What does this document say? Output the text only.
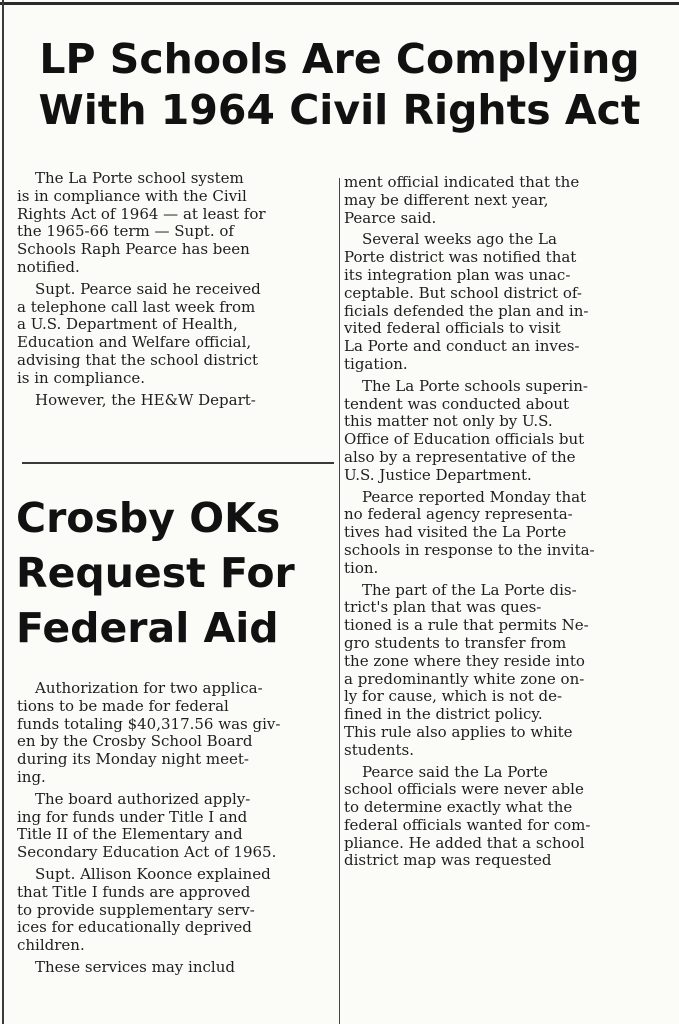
LP Schools Are Complying
With 1964 Civil Rights Act

The La Porte school system
is in compliance with the Civil
Rights Act of 1964 — at least for
the 1965-66 term — Supt. of
Schools Raph Pearce has been
notified.

Supt. Pearce said he received
a telephone call last week from
a U.S. Department of Health,
Education and Welfare official,
advising that the school district
is in compliance.

However, the HE&W Depart-

Crosby OKs
Request For
Federal Aid

Authorization for two applica-
tions to be made for federal
funds totaling $40,317.56 was giv-
en by the Crosby School Board
during its Monday night meet-
ing.

The board authorized apply-
ing for funds under Title I and
Title II of the Elementary and
Secondary Education Act of 1965.

Supt. Allison Koonce explained
that Title I funds are approved
to provide supplementary serv-
ices for educationally deprived
children.

These services may includ

ment official indicated that the
may be different next year,
Pearce said.

Several weeks ago the La
Porte district was notified that
its integration plan was unac-
ceptable. But school district of-
ficials defended the plan and in-
vited federal officials to visit
La Porte and conduct an inves-
tigation.

The La Porte schools superin-
tendent was conducted about
this matter not only by U.S.
Office of Education officials but
also by a representative of the
U.S. Justice Department.

Pearce reported Monday that
no federal agency representa-
tives had visited the La Porte
schools in response to the invita-
tion.

The part of the La Porte dis-
trict's plan that was ques-
tioned is a rule that permits Ne-
gro students to transfer from
the zone where they reside into
a predominantly white zone on-
ly for cause, which is not de-
fined in the district policy.
This rule also applies to white
students.

Pearce said the La Porte
school officials were never able
to determine exactly what the
federal officials wanted for com-
pliance. He added that a school
district map was requested
